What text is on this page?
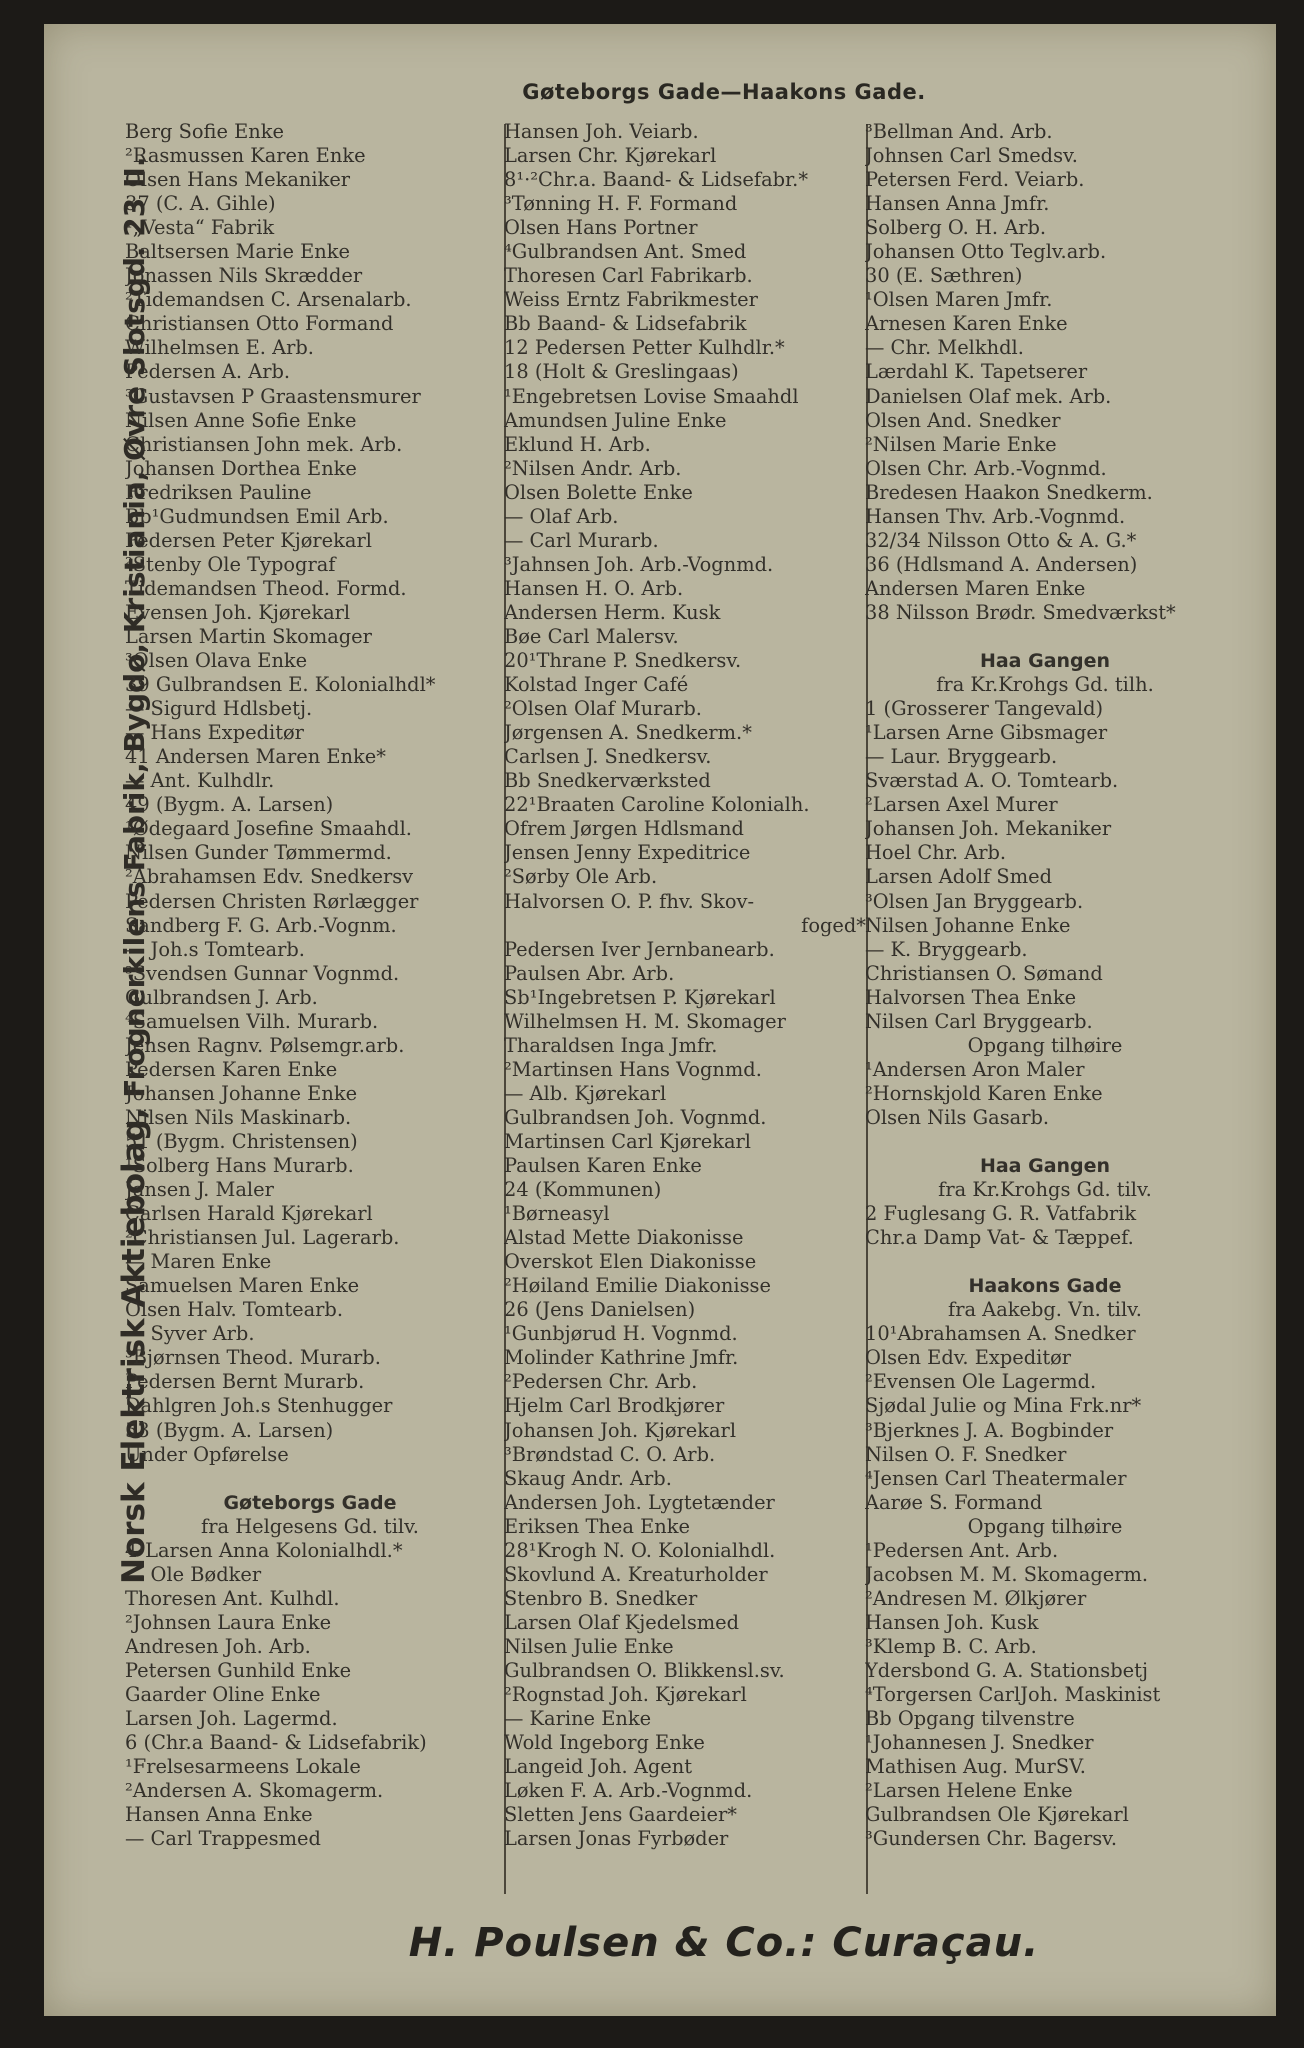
Gøteborgs Gade—Haakons Gade.
Norsk Elektrisk Aktiebolag, Frognerkilens Fabrik, Bygdø, Kristiania, Øvre Slotsgd. 23 II.
H. Poulsen & Co.: Curaçau.
Berg Sofie Enke
²Rasmussen Karen Enke
Olsen Hans Mekaniker
37 (C. A. Gihle)
¹„Vesta“ Fabrik
Baltsersen Marie Enke
Jonassen Nils Skrædder
²Tidemandsen C. Arsenalarb.
Christiansen Otto Formand
Wilhelmsen E. Arb.
Pedersen A. Arb.
³Gustavsen P Graastensmurer
Nilsen Anne Sofie Enke
Christiansen John mek. Arb.
Johansen Dorthea Enke
Fredriksen Pauline
Bb¹Gudmundsen Emil Arb.
Pedersen Peter Kjørekarl
²Stenby Ole Typograf
Tidemandsen Theod. Formd.
Evensen Joh. Kjørekarl
Larsen Martin Skomager
³Olsen Olava Enke
39 Gulbrandsen E. Kolonialhdl*
— Sigurd Hdlsbetj.
— Hans Expeditør
41 Andersen Maren Enke*
— Ant. Kulhdlr.
49 (Bygm. A. Larsen)
¹Ødegaard Josefine Smaahdl.
Nilsen Gunder Tømmermd.
²Abrahamsen Edv. Snedkersv
Pedersen Christen Rørlægger
Sandberg F. G. Arb.-Vognm.
— Joh.s Tomtearb.
³Svendsen Gunnar Vognmd.
Gulbrandsen J. Arb.
⁴Samuelsen Vilh. Murarb.
Jensen Ragnv. Pølsemgr.arb.
Pedersen Karen Enke
Johansen Johanne Enke
Nilsen Nils Maskinarb.
51 (Bygm. Christensen)
¹Solberg Hans Murarb.
Jansen J. Maler
Carlsen Harald Kjørekarl
²Christiansen Jul. Lagerarb.
— Maren Enke
Samuelsen Maren Enke
Olsen Halv. Tomtearb.
— Syver Arb.
³Bjørnsen Theod. Murarb.
Pedersen Bernt Murarb.
Dahlgren Joh.s Stenhugger
53 (Bygm. A. Larsen)
Under Opførelse
Gøteborgs Gade
fra Helgesens Gd. tilv.
4¹Larsen Anna Kolonialhdl.*
— Ole Bødker
Thoresen Ant. Kulhdl.
²Johnsen Laura Enke
Andresen Joh. Arb.
Petersen Gunhild Enke
Gaarder Oline Enke
Larsen Joh. Lagermd.
6 (Chr.a Baand- & Lidsefabrik)
¹Frelsesarmeens Lokale
²Andersen A. Skomagerm.
Hansen Anna Enke
— Carl Trappesmed
Hansen Joh. Veiarb.
Larsen Chr. Kjørekarl
8¹·²Chr.a. Baand- & Lidsefabr.*
³Tønning H. F. Formand
Olsen Hans Portner
⁴Gulbrandsen Ant. Smed
Thoresen Carl Fabrikarb.
Weiss Erntz Fabrikmester
Bb Baand- & Lidsefabrik
12 Pedersen Petter Kulhdlr.*
18 (Holt & Greslingaas)
¹Engebretsen Lovise Smaahdl
Amundsen Juline Enke
Eklund H. Arb.
²Nilsen Andr. Arb.
Olsen Bolette Enke
— Olaf Arb.
— Carl Murarb.
³Jahnsen Joh. Arb.-Vognmd.
Hansen H. O. Arb.
Andersen Herm. Kusk
Bøe Carl Malersv.
20¹Thrane P. Snedkersv.
Kolstad Inger Café
²Olsen Olaf Murarb.
Jørgensen A. Snedkerm.*
Carlsen J. Snedkersv.
Bb Snedkerværksted
22¹Braaten Caroline Kolonialh.
Ofrem Jørgen Hdlsmand
Jensen Jenny Expeditrice
²Sørby Ole Arb.
Halvorsen O. P. fhv. Skov-
foged*
Pedersen Iver Jernbanearb.
Paulsen Abr. Arb.
Sb¹Ingebretsen P. Kjørekarl
Wilhelmsen H. M. Skomager
Tharaldsen Inga Jmfr.
²Martinsen Hans Vognmd.
— Alb. Kjørekarl
Gulbrandsen Joh. Vognmd.
Martinsen Carl Kjørekarl
Paulsen Karen Enke
24 (Kommunen)
¹Børneasyl
Alstad Mette Diakonisse
Overskot Elen Diakonisse
²Høiland Emilie Diakonisse
26 (Jens Danielsen)
¹Gunbjørud H. Vognmd.
Molinder Kathrine Jmfr.
²Pedersen Chr. Arb.
Hjelm Carl Brodkjører
Johansen Joh. Kjørekarl
³Brøndstad C. O. Arb.
Skaug Andr. Arb.
Andersen Joh. Lygtetænder
Eriksen Thea Enke
28¹Krogh N. O. Kolonialhdl.
Skovlund A. Kreaturholder
Stenbro B. Snedker
Larsen Olaf Kjedelsmed
Nilsen Julie Enke
Gulbrandsen O. Blikkensl.sv.
²Rognstad Joh. Kjørekarl
— Karine Enke
Wold Ingeborg Enke
Langeid Joh. Agent
Løken F. A. Arb.-Vognmd.
Sletten Jens Gaardeier*
Larsen Jonas Fyrbøder
³Bellman And. Arb.
Johnsen Carl Smedsv.
Petersen Ferd. Veiarb.
Hansen Anna Jmfr.
Solberg O. H. Arb.
Johansen Otto Teglv.arb.
30 (E. Sæthren)
¹Olsen Maren Jmfr.
Arnesen Karen Enke
— Chr. Melkhdl.
Lærdahl K. Tapetserer
Danielsen Olaf mek. Arb.
Olsen And. Snedker
²Nilsen Marie Enke
Olsen Chr. Arb.-Vognmd.
Bredesen Haakon Snedkerm.
Hansen Thv. Arb.-Vognmd.
32/34 Nilsson Otto & A. G.*
36 (Hdlsmand A. Andersen)
Andersen Maren Enke
38 Nilsson Brødr. Smedværkst*
Haa Gangen
fra Kr.Krohgs Gd. tilh.
1 (Grosserer Tangevald)
¹Larsen Arne Gibsmager
— Laur. Bryggearb.
Sværstad A. O. Tomtearb.
²Larsen Axel Murer
Johansen Joh. Mekaniker
Hoel Chr. Arb.
Larsen Adolf Smed
³Olsen Jan Bryggearb.
Nilsen Johanne Enke
— K. Bryggearb.
Christiansen O. Sømand
Halvorsen Thea Enke
Nilsen Carl Bryggearb.
Opgang tilhøire
¹Andersen Aron Maler
²Hornskjold Karen Enke
Olsen Nils Gasarb.
Haa Gangen
fra Kr.Krohgs Gd. tilv.
2 Fuglesang G. R. Vatfabrik
Chr.a Damp Vat- & Tæppef.
Haakons Gade
fra Aakebg. Vn. tilv.
10¹Abrahamsen A. Snedker
Olsen Edv. Expeditør
²Evensen Ole Lagermd.
Sjødal Julie og Mina Frk.nr*
³Bjerknes J. A. Bogbinder
Nilsen O. F. Snedker
⁴Jensen Carl Theatermaler
Aarøe S. Formand
Opgang tilhøire
¹Pedersen Ant. Arb.
Jacobsen M. M. Skomagerm.
²Andresen M. Ølkjører
Hansen Joh. Kusk
³Klemp B. C. Arb.
Ydersbond G. A. Stationsbetj
⁴Torgersen CarlJoh. Maskinist
Bb Opgang tilvenstre
¹Johannesen J. Snedker
Mathisen Aug. MurSV.
²Larsen Helene Enke
Gulbrandsen Ole Kjørekarl
³Gundersen Chr. Bagersv.
